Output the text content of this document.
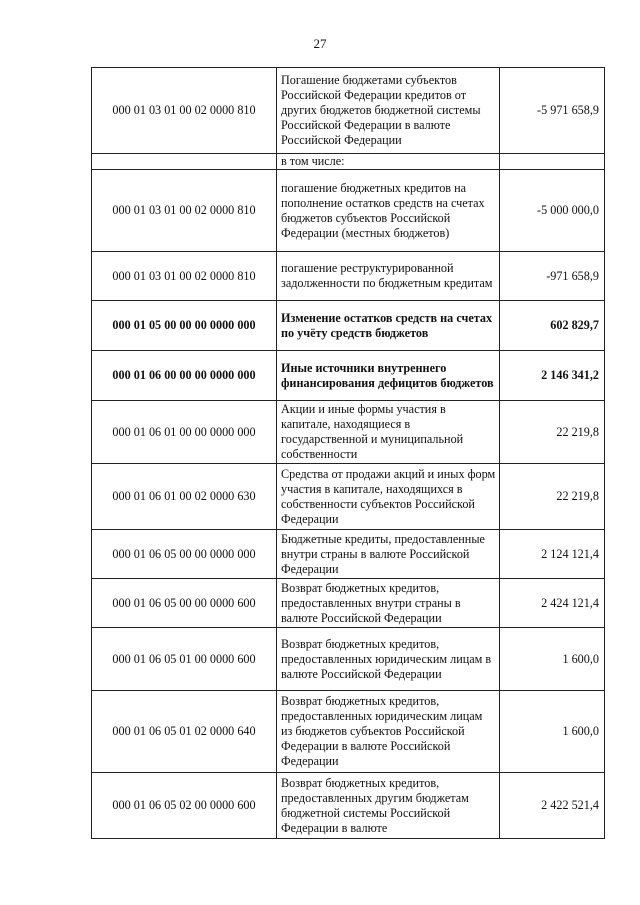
27
000 01 03 01 00 02 0000 810	Погашение бюджетами субъектов Российской Федерации кредитов от других бюджетов бюджетной системы Российской Федерации в валюте Российской Федерации	-5 971 658,9
	в том числе:	
000 01 03 01 00 02 0000 810	погашение бюджетных кредитов на пополнение остатков средств на счетах бюджетов субъектов Российской Федерации (местных бюджетов)	-5 000 000,0
000 01 03 01 00 02 0000 810	погашение реструктурированной задолженности по бюджетным кредитам	-971 658,9
000 01 05 00 00 00 0000 000	Изменение остатков средств на счетах по учёту средств бюджетов	602 829,7
000 01 06 00 00 00 0000 000	Иные источники внутреннего финансирования дефицитов бюджетов	2 146 341,2
000 01 06 01 00 00 0000 000	Акции и иные формы участия в капитале, находящиеся в государственной и муниципальной собственности	22 219,8
000 01 06 01 00 02 0000 630	Средства от продажи акций и иных форм участия в капитале, находящихся в собственности субъектов Российской Федерации	22 219,8
000 01 06 05 00 00 0000 000	Бюджетные кредиты, предоставленные внутри страны в валюте Российской Федерации	2 124 121,4
000 01 06 05 00 00 0000 600	Возврат бюджетных кредитов, предоставленных внутри страны в валюте Российской Федерации	2 424 121,4
000 01 06 05 01 00 0000 600	Возврат бюджетных кредитов, предоставленных юридическим лицам в валюте Российской Федерации	1 600,0
000 01 06 05 01 02 0000 640	Возврат бюджетных кредитов, предоставленных юридическим лицам из бюджетов субъектов Российской Федерации в валюте Российской Федерации	1 600,0
000 01 06 05 02 00 0000 600	Возврат бюджетных кредитов, предоставленных другим бюджетам бюджетной системы Российской Федерации в валюте	2 422 521,4
